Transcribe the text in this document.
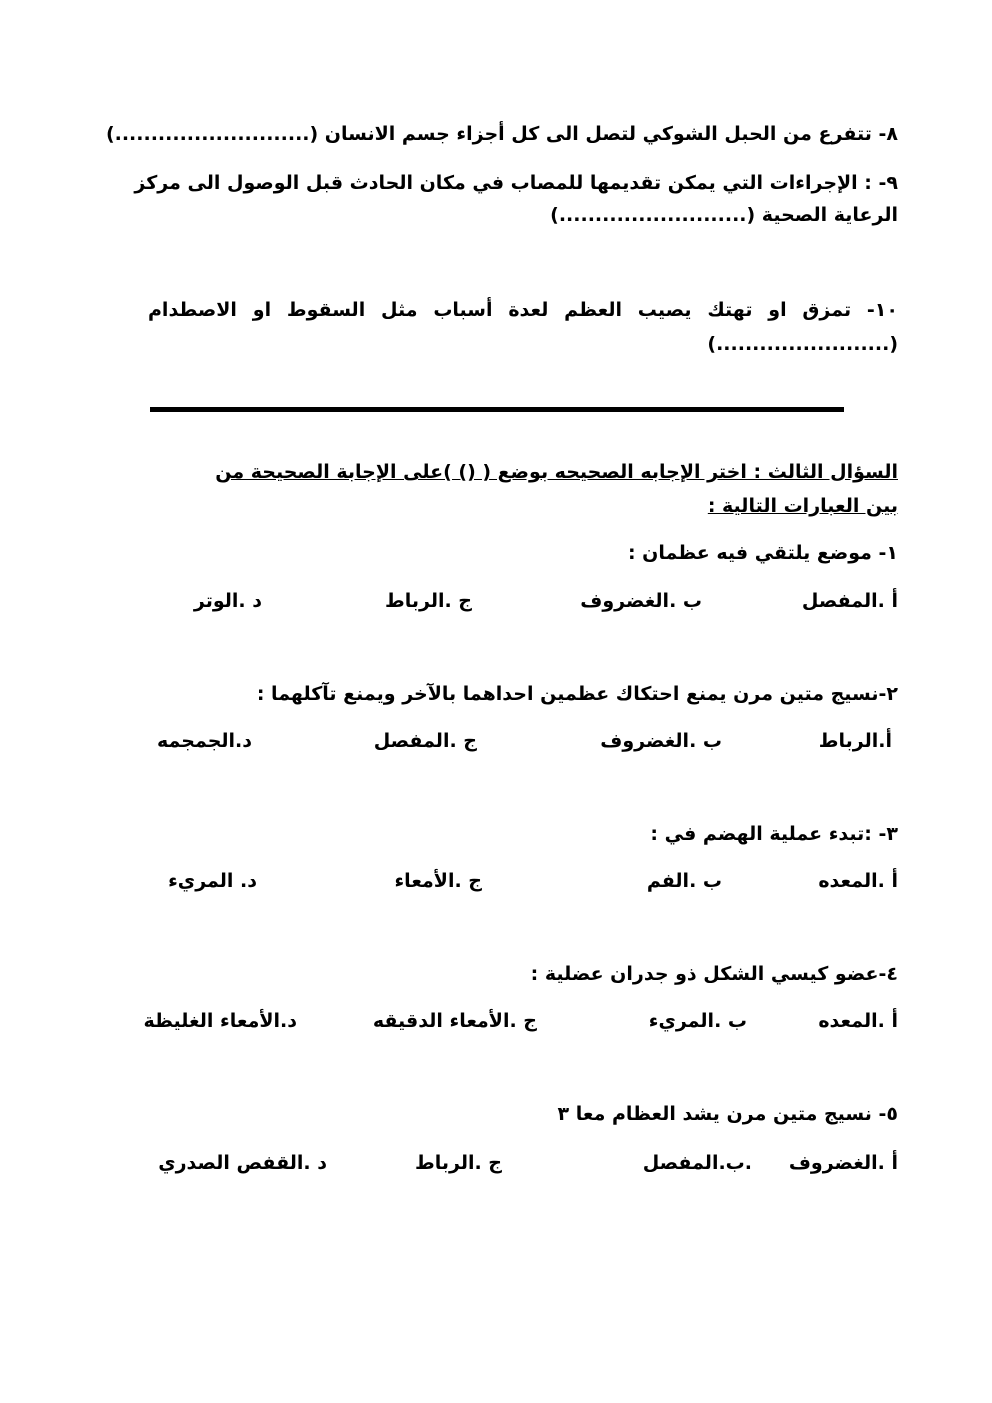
٨- تتفرع من الحبل الشوكي لتصل الى كل أجزاء جسم الانسان (...........................)
٩- : الإجراءات التي يمكن تقديمها للمصاب في مكان الحادث قبل الوصول الى مركز
الرعاية الصحية (..........................)
١٠- تمزق او تهتك يصيب العظم لعدة أسباب مثل السقوط او الاصطدام
(........................)
السؤال الثالث : اختر الإجابه الصحيحه بوضع ( () )على الإجابة الصحيحة من
بين العبارات التالية :
١- موضع يلتقي فيه عظمان :
أ .المفصل
ب .الغضروف
ج .الرباط
د .الوتر
٢-نسيج متين مرن يمنع احتكاك عظمين احداهما بالآخر ويمنع تآكلهما :
أ.الرباط
ب .الغضروف
ج .المفصل
د.الجمجمه
٣- :تبدء عملية الهضم في :
أ .المعده
ب .الفم
ج .الأمعاء
د. المريء
٤-عضو كيسي الشكل ذو جدران عضلية :
أ .المعده
ب .المريء
ج .الأمعاء الدقيقه
د.الأمعاء الغليظة
٥- نسيج متين مرن يشد العظام معا ٣
أ .الغضروف
.ب.المفصل
ج .الرباط
د .القفص الصدري
